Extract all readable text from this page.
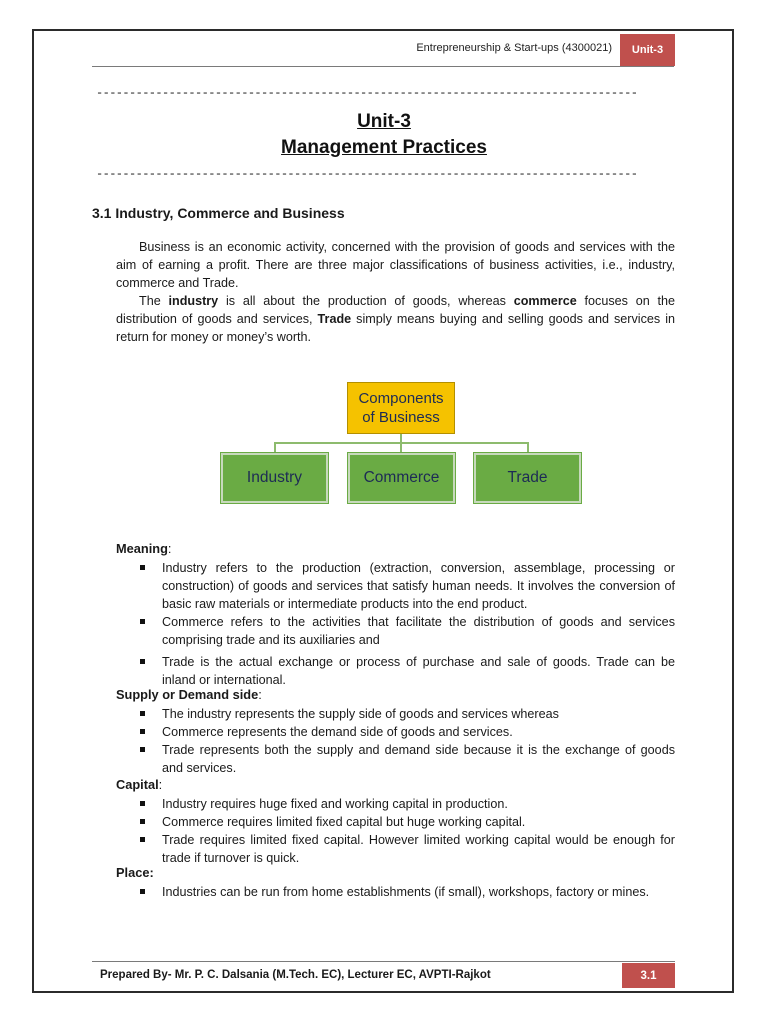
Entrepreneurship & Start-ups (4300021)	Unit-3
----------------------------------------------------------------------------------
Unit-3
Management Practices
----------------------------------------------------------------------------------
3.1 Industry, Commerce and Business
Business is an economic activity, concerned with the provision of goods and services with the aim of earning a profit. There are three major classifications of business activities, i.e., industry, commerce and Trade.
The industry is all about the production of goods, whereas commerce focuses on the distribution of goods and services, Trade simply means buying and selling goods and services in return for money or money’s worth.
Components
of Business
Industry	Commerce	Trade
Meaning:
Industry refers to the production (extraction, conversion, assemblage, processing or construction) of goods and services that satisfy human needs. It involves the conversion of basic raw materials or intermediate products into the end product.
Commerce refers to the activities that facilitate the distribution of goods and services comprising trade and its auxiliaries and
Trade is the actual exchange or process of purchase and sale of goods. Trade can be inland or international.
Supply or Demand side:
The industry represents the supply side of goods and services whereas
Commerce represents the demand side of goods and services.
Trade represents both the supply and demand side because it is the exchange of goods and services.
Capital:
Industry requires huge fixed and working capital in production.
Commerce requires limited fixed capital but huge working capital.
Trade requires limited fixed capital. However limited working capital would be enough for trade if turnover is quick.
Place:
Industries can be run from home establishments (if small), workshops, factory or mines.
Prepared By- Mr. P. C. Dalsania (M.Tech. EC), Lecturer EC, AVPTI-Rajkot	3.1
